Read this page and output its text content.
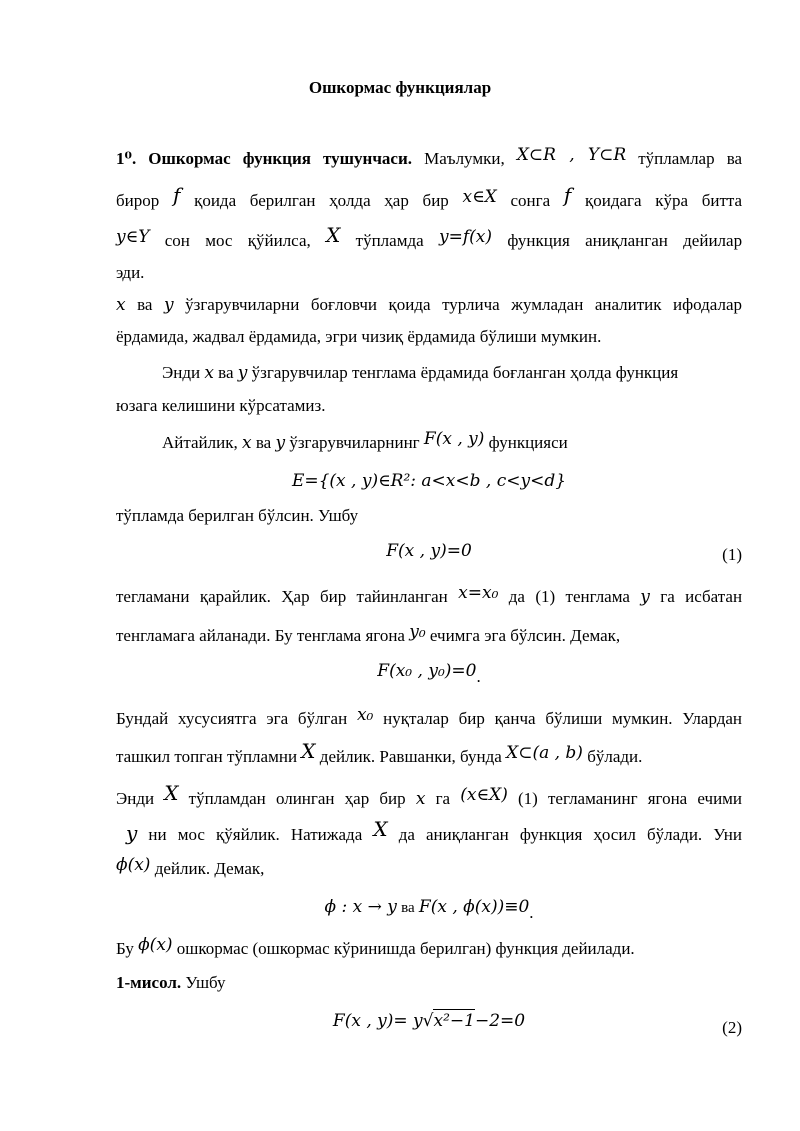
Ошкормас функциялар
1⁰. Ошкормас функция тушунчаси. Маълумки, X⊂R , Y⊂R тўпламлар ва
бирор f қоида берилган ҳолда ҳар бир x∈X сонга f қоидага кўра битта
y∈Y сон мос қўйилса, X тўпламда y=f(x) функция аниқланган дейилар
эди.
x ва y ўзгарувчиларни боғловчи қоида турлича жумладан аналитик ифодалар
ёрдамида, жадвал ёрдамида, эгри чизиқ ёрдамида бўлиши мумкин.
Энди x ва y ўзгарувчилар тенглама ёрдамида боғланган ҳолда функция
юзага келишини кўрсатамиз.
Айтайлик, x ва y ўзгарувчиларнинг F(x , y) функцияси
E={(x , y)∈R²: a<x<b , c<y<d}
тўпламда берилган бўлсин. Ушбу
F(x , y)=0	(1)
тегламани қарайлик. Ҳар бир тайинланган x=x₀ да (1) тенглама y га исбатан
тенгламага айланади. Бу тенглама ягона y₀ ечимга эга бўлсин. Демак,
F(x₀ , y₀)=0.
Бундай хусусиятга эга бўлган x₀ нуқталар бир қанча бўлиши мумкин. Улардан
ташкил топган тўпламни X дейлик. Равшанки, бунда X⊂(a , b) бўлади.
Энди X тўпламдан олинган ҳар бир x га (x∈X) (1) тегламанинг ягона ечими
y ни мос қўяйлик. Натижада X да аниқланган функция ҳосил бўлади. Уни
ϕ(x) дейлик. Демак,
ϕ : x → y ва F(x , ϕ(x))≡0.
Бу ϕ(x) ошкормас (ошкормас кўринишда берилган) функция дейилади.
1-мисол. Ушбу
F(x , y)= y√x²−1−2=0	(2)
